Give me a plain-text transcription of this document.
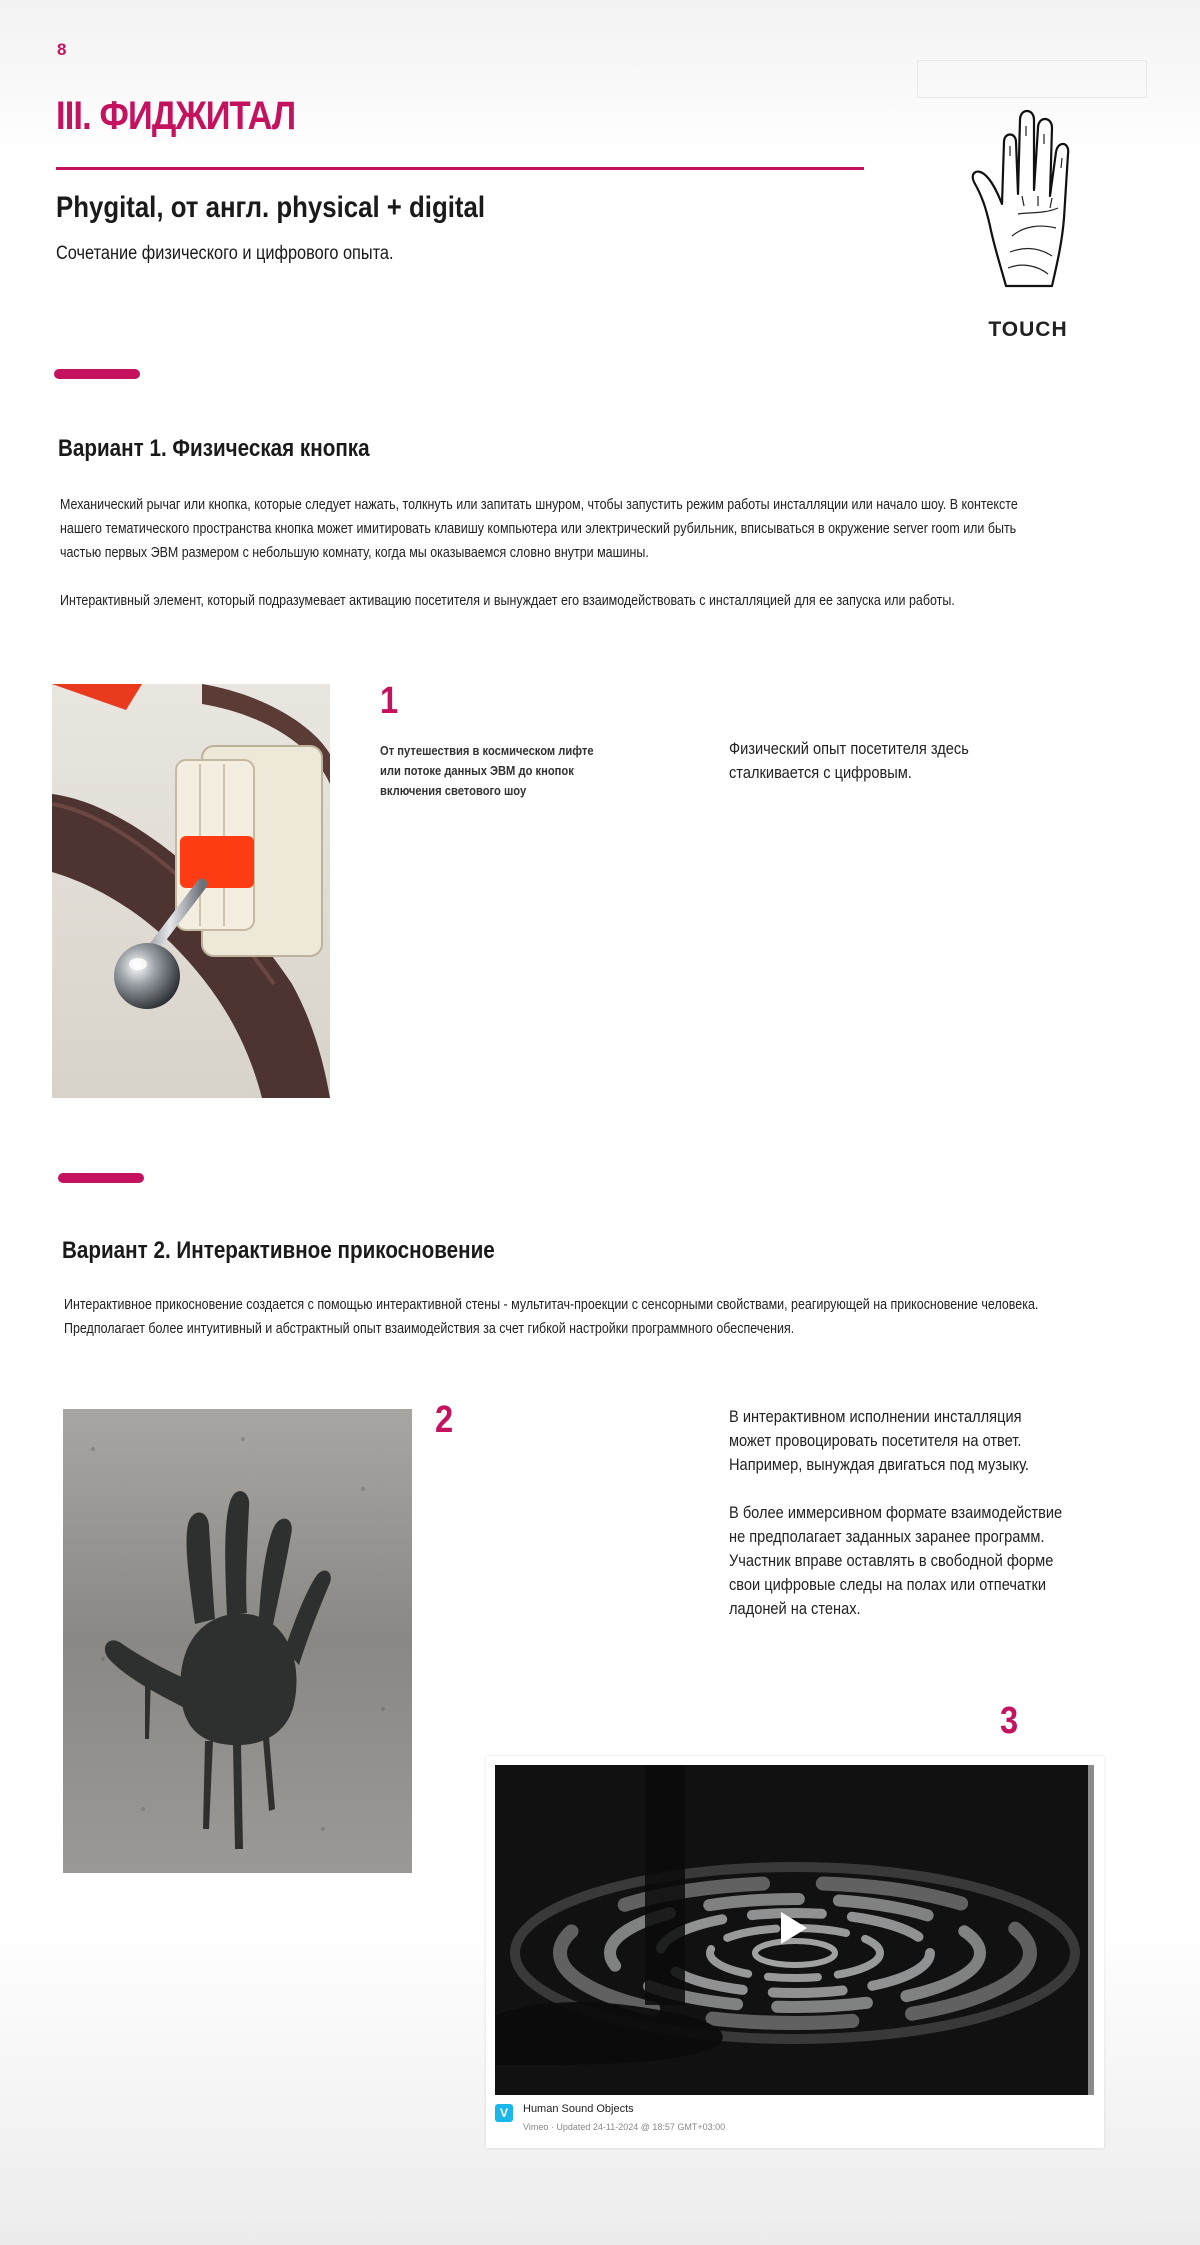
8
III. ФИДЖИТАЛ
Phygital, от англ. physical + digital
Сочетание физического и цифрового опыта.
TOUCH
Вариант 1. Физическая кнопка
Механический рычаг или кнопка, которые следует нажать, толкнуть или запитать шнуром, чтобы запустить режим работы инсталляции или начало шоу. В контексте
нашего тематического пространства кнопка может имитировать клавишу компьютера или электрический рубильник, вписываться в окружение server room или быть
частью первых ЭВМ размером с небольшую комнату, когда мы оказываемся словно внутри машины.
Интерактивный элемент, который подразумевает активацию посетителя и вынуждает его взаимодействовать с инсталляцией для ее запуска или работы.
1
От путешествия в космическом лифте
или потоке данных ЭВМ до кнопок
включения светового шоу
Физический опыт посетителя здесь
сталкивается с цифровым.
Вариант 2. Интерактивное прикосновение
Интерактивное прикосновение создается с помощью интерактивной стены - мультитач-проекции с сенсорными свойствами, реагирующей на прикосновение человека.
Предполагает более интуитивный и абстрактный опыт взаимодействия за счет гибкой настройки программного обеспечения.
2	В интерактивном исполнении инсталляция
может провоцировать посетителя на ответ.
Например, вынуждая двигаться под музыку.
В более иммерсивном формате взаимодействие
не предполагает заданных заранее программ.
Участник вправе оставлять в свободной форме
свои цифровые следы на полах или отпечатки
ладоней на стенах.
3
V	Human Sound Objects
Vimeo · Updated 24-11-2024 @ 18:57 GMT+03:00
